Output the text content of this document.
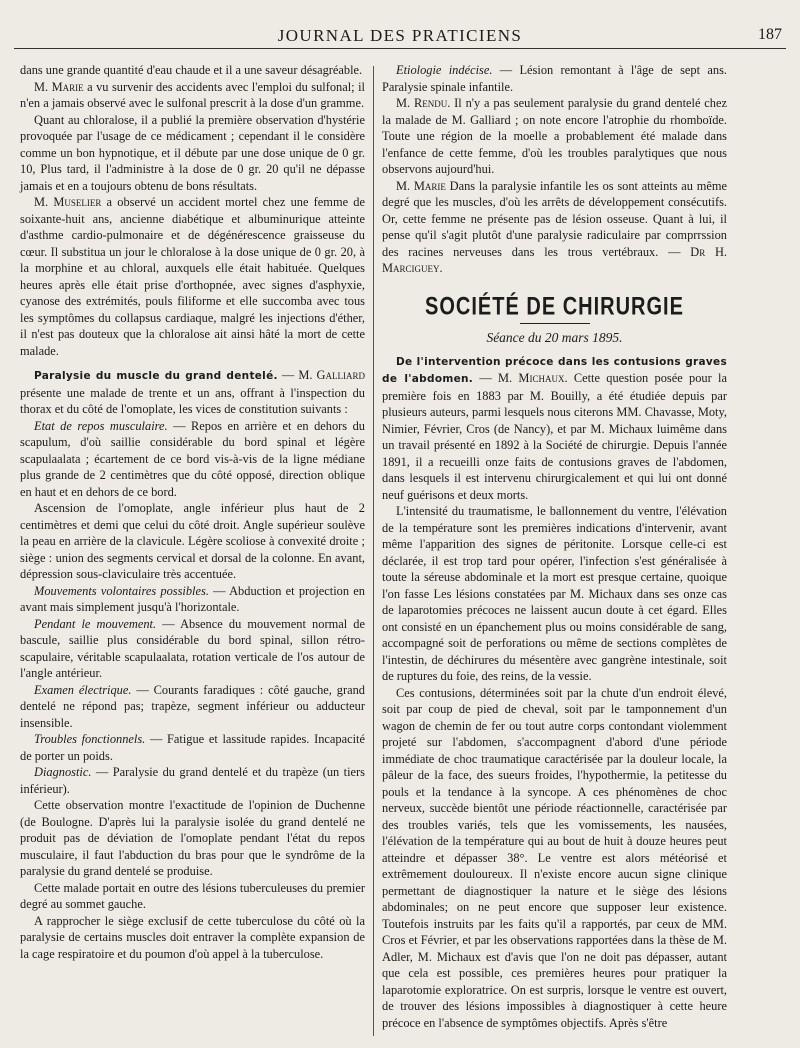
JOURNAL DES PRATICIENS	187

dans une grande quantité d'eau chaude et il a une saveur désagréable.

M. Marie a vu survenir des accidents avec l'emploi du sulfonal; il n'en a jamais observé avec le sulfonal prescrit à la dose d'un gramme.

Quant au chloralose, il a publié la première observation d'hystérie provoquée par l'usage de ce médicament ; cependant il le considère comme un bon hypnotique, et il débute par une dose unique de 0 gr. 10, Plus tard, il l'administre à la dose de 0 gr. 20 qu'il ne dépasse jamais et en a toujours obtenu de bons résultats.

M. Muselier a observé un accident mortel chez une femme de soixante-huit ans, ancienne diabétique et albuminurique atteinte d'asthme cardio-pulmonaire et de dégénérescence graisseuse du cœur. Il substitua un jour le chloralose à la dose unique de 0 gr. 20, à la morphine et au chloral, auxquels elle était habituée. Quelques heures après elle était prise d'orthopnée, avec signes d'asphyxie, cyanose des extrémités, pouls filiforme et elle succomba avec tous les symptômes du collapsus cardiaque, malgré les injections d'éther, il n'est pas douteux que la chloralose ait ainsi hâté la mort de cette malade.

Paralysie du muscle du grand dentelé. — M. Galliard présente une malade de trente et un ans, offrant à l'inspection du thorax et du côté de l'omoplate, les vices de constitution suivants :

Etat de repos musculaire. — Repos en arrière et en dehors du scapulum, d'où saillie considérable du bord spinal et légère scapulaalata ; écartement de ce bord vis-à-vis de la ligne médiane plus grande de 2 centimètres que du côté opposé, direction oblique en haut et en dehors de ce bord.

Ascension de l'omoplate, angle inférieur plus haut de 2 centimètres et demi que celui du côté droit. Angle supérieur soulève la peau en arrière de la clavicule. Légère scoliose à convexité droite ; siège : union des segments cervical et dorsal de la colonne. En avant, dépression sous-claviculaire très accentuée.

Mouvements volontaires possibles. — Abduction et projection en avant mais simplement jusqu'à l'horizontale.

Pendant le mouvement. — Absence du mouvement normal de bascule, saillie plus considérable du bord spinal, sillon rétro-scapulaire, véritable scapulaalata, rotation verticale de l'os autour de l'angle antérieur.

Examen électrique. — Courants faradiques : côté gauche, grand dentelé ne répond pas; trapèze, segment inférieur ou adducteur insensible.

Troubles fonctionnels. — Fatigue et lassitude rapides. Incapacité de porter un poids.

Diagnostic. — Paralysie du grand dentelé et du trapèze (un tiers inférieur).

Cette observation montre l'exactitude de l'opinion de Duchenne (de Boulogne. D'après lui la paralysie isolée du grand dentelé ne produit pas de déviation de l'omoplate pendant l'état du repos musculaire, il faut l'abduction du bras pour que le syndrôme de la paralysie du grand dentelé se produise.

Cette malade portait en outre des lésions tuberculeuses du premier degré au sommet gauche.

A rapprocher le siège exclusif de cette tuberculose du côté où la paralysie de certains muscles doit entraver la complète expansion de la cage respiratoire et du poumon d'où appel à la tuberculose.

Etiologie indécise. — Lésion remontant à l'âge de sept ans. Paralysie spinale infantile.

M. Rendu. Il n'y a pas seulement paralysie du grand dentelé chez la malade de M. Galliard ; on note encore l'atrophie du rhomboïde. Toute une région de la moelle a probablement été malade dans l'enfance de cette femme, d'où les troubles paralytiques que nous observons aujourd'hui.

M. Marie Dans la paralysie infantile les os sont atteints au même degré que les muscles, d'où les arrêts de développement consécutifs. Or, cette femme ne présente pas de lésion osseuse. Quant à lui, il pense qu'il s'agit plutôt d'une paralysie radiculaire par comprrssion des racines nerveuses dans les trous vertébraux. — Dr H. Marciguey.

SOCIÉTÉ DE CHIRURGIE

Séance du 20 mars 1895.

De l'intervention précoce dans les contusions graves de l'abdomen. — M. Michaux. Cette question posée pour la première fois en 1883 par M. Bouilly, a été étudiée depuis par plusieurs auteurs, parmi lesquels nous citerons MM. Chavasse, Moty, Nimier, Février, Cros (de Nancy), et par M. Michaux luimême dans un travail présenté en 1892 à la Société de chirurgie. Depuis l'année 1891, il a recueilli onze faits de contusions graves de l'abdomen, dans lesquels il est intervenu chirurgicalement et qui lui ont donné neuf guérisons et deux morts.

L'intensité du traumatisme, le ballonnement du ventre, l'élévation de la température sont les premières indications d'intervenir, avant même l'apparition des signes de péritonite. Lorsque celle-ci est déclarée, il est trop tard pour opérer, l'infection s'est généralisée à toute la séreuse abdominale et la mort est presque certaine, quoique l'on fasse Les lésions constatées par M. Michaux dans ses onze cas de laparotomies précoces ne laissent aucun doute à cet égard. Elles ont consisté en un épanchement plus ou moins considérable de sang, accompagné soit de perforations ou même de sections complètes de l'intestin, de déchirures du mésentère avec gangrène intestinale, soit de ruptures du foie, des reins, de la vessie.

Ces contusions, déterminées soit par la chute d'un endroit élevé, soit par coup de pied de cheval, soit par le tamponnement d'un wagon de chemin de fer ou tout autre corps contondant violemment projeté sur l'abdomen, s'accompagnent d'abord d'une période immédiate de choc traumatique caractérisée par la douleur locale, la pâleur de la face, des sueurs froides, l'hypothermie, la petitesse du pouls et la tendance à la syncope. A ces phénomènes de choc nerveux, succède bientôt une période réactionnelle, caractérisée par des troubles variés, tels que les vomissements, les nausées, l'élévation de la température qui au bout de huit à douze heures peut atteindre et dépasser 38°. Le ventre est alors météorisé et extrêmement douloureux. Il n'existe encore aucun signe clinique permettant de diagnostiquer la nature et le siège des lésions abdominales; on ne peut encore que supposer leur existence. Toutefois instruits par les faits qu'il a rapportés, par ceux de MM. Cros et Février, et par les observations rapportées dans la thèse de M. Adler, M. Michaux est d'avis que l'on ne doit pas dépasser, autant que cela est possible, ces premières heures pour pratiquer la laparotomie exploratrice. On est surpris, lorsque le ventre est ouvert, de trouver des lésions impossibles à diagnostiquer à cette heure précoce en l'absence de symptômes objectifs. Après s'être
